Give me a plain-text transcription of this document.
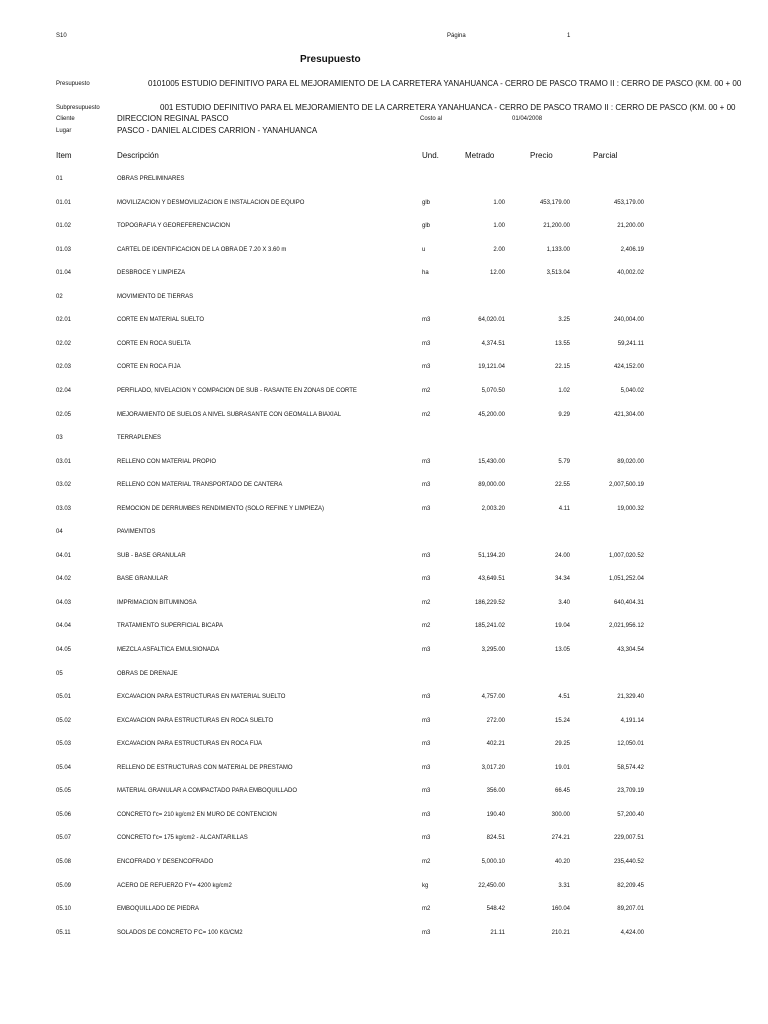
S10	Página	1
Presupuesto
Presupuesto	0101005 ESTUDIO DEFINITIVO PARA EL MEJORAMIENTO DE LA CARRETERA YANAHUANCA - CERRO DE PASCO TRAMO II : CERRO DE PASCO (KM. 00 + 00
Subpresupuesto	001 ESTUDIO DEFINITIVO PARA EL MEJORAMIENTO DE LA CARRETERA YANAHUANCA - CERRO DE PASCO TRAMO II : CERRO DE PASCO (KM. 00 + 00
Cliente	DIRECCION REGINAL PASCO	Costo al	01/04/2008
Lugar	PASCO - DANIEL ALCIDES CARRION - YANAHUANCA
Item	Descripción	Und.	Metrado	Precio	Parcial
01	OBRAS PRELIMINARES
01.01	MOVILIZACION Y DESMOVILIZACION E INSTALACION DE EQUIPO	glb	1.00	453,179.00	453,179.00
01.02	TOPOGRAFIA Y GEOREFERENCIACION	glb	1.00	21,200.00	21,200.00
01.03	CARTEL DE IDENTIFICACION DE LA OBRA DE 7.20 X 3.60 m	u	2.00	1,133.00	2,406.19
01.04	DESBROCE Y LIMPIEZA	ha	12.00	3,513.04	40,002.02
02	MOVIMIENTO DE TIERRAS
02.01	CORTE EN MATERIAL SUELTO	m3	64,020.01	3.25	240,004.00
02.02	CORTE EN ROCA SUELTA	m3	4,374.51	13.55	59,241.11
02.03	CORTE EN ROCA FIJA	m3	19,121.04	22.15	424,152.00
02.04	PERFILADO, NIVELACION Y COMPACION DE SUB - RASANTE EN ZONAS DE CORTE	m2	5,070.50	1.02	5,040.02
02.05	MEJORAMIENTO DE SUELOS A NIVEL SUBRASANTE CON GEOMALLA BIAXIAL	m2	45,200.00	9.29	421,304.00
03	TERRAPLENES
03.01	RELLENO CON MATERIAL PROPIO	m3	15,430.00	5.79	89,020.00
03.02	RELLENO CON MATERIAL TRANSPORTADO DE CANTERA	m3	89,000.00	22.55	2,007,500.19
03.03	REMOCION DE DERRUMBES RENDIMIENTO (SOLO REFINE Y LIMPIEZA)	m3	2,003.20	4.11	19,000.32
04	PAVIMENTOS
04.01	SUB - BASE GRANULAR	m3	51,194.20	24.00	1,007,020.52
04.02	BASE GRANULAR	m3	43,649.51	34.34	1,051,252.04
04.03	IMPRIMACION BITUMINOSA	m2	186,229.52	3.40	640,404.31
04.04	TRATAMIENTO SUPERFICIAL BICAPA	m2	185,241.02	19.04	2,021,956.12
04.05	MEZCLA ASFALTICA EMULSIONADA	m3	3,295.00	13.05	43,304.54
05	OBRAS DE DRENAJE
05.01	EXCAVACION PARA ESTRUCTURAS EN MATERIAL SUELTO	m3	4,757.00	4.51	21,329.40
05.02	EXCAVACION PARA ESTRUCTURAS EN ROCA SUELTO	m3	272.00	15.24	4,191.14
05.03	EXCAVACION PARA ESTRUCTURAS EN ROCA FIJA	m3	402.21	29.25	12,050.01
05.04	RELLENO DE ESTRUCTURAS CON MATERIAL DE PRESTAMO	m3	3,017.20	19.01	58,574.42
05.05	MATERIAL GRANULAR A COMPACTADO PARA EMBOQUILLADO	m3	356.00	66.45	23,709.19
05.06	CONCRETO f'c= 210 kg/cm2 EN MURO DE CONTENCION	m3	190.40	300.00	57,200.40
05.07	CONCRETO f'c= 175 kg/cm2 - ALCANTARILLAS	m3	824.51	274.21	229,007.51
05.08	ENCOFRADO Y DESENCOFRADO	m2	5,000.10	40.20	235,440.52
05.09	ACERO DE REFUERZO FY= 4200 kg/cm2	kg	22,450.00	3.31	82,209.45
05.10	EMBOQUILLADO DE PIEDRA	m2	548.42	160.04	89,207.01
05.11	SOLADOS DE CONCRETO F'C= 100 KG/CM2	m3	21.11	210.21	4,424.00
